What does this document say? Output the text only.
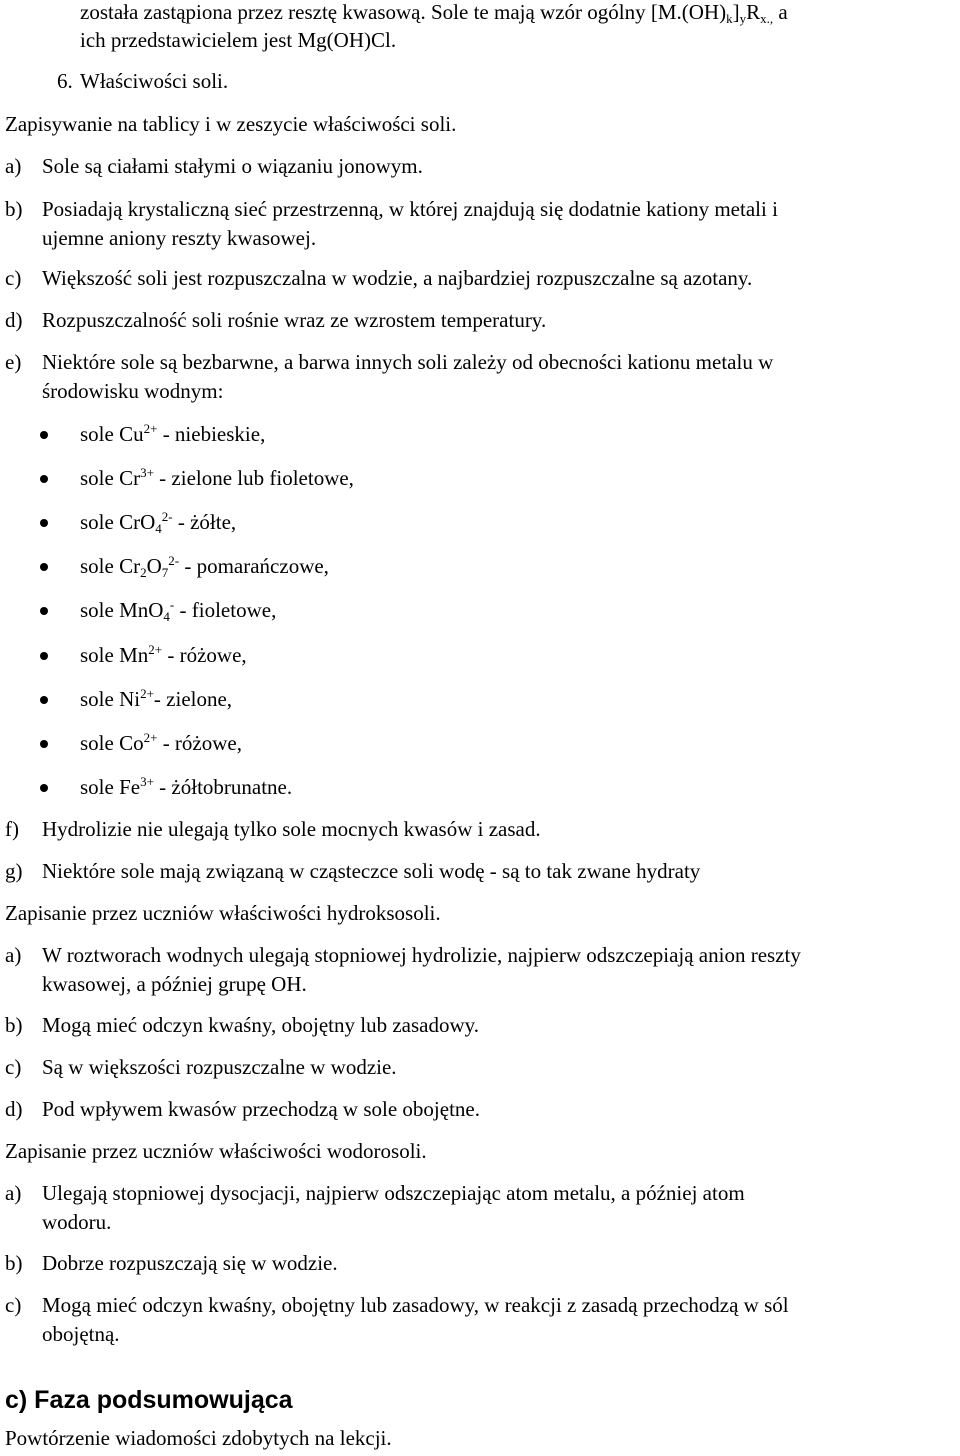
została zastąpiona przez resztę kwasową. Sole te mają wzór ogólny $[M.(OH)_k]_yR_{x.,}$ a
ich przedstawicielem jest Mg(OH)Cl.
6. Właściwości soli.
Zapisywanie na tablicy i w zeszycie właściwości soli.
a) Sole są ciałami stałymi o wiązaniu jonowym.
b) Posiadają krystaliczną sieć przestrzenną, w której znajdują się dodatnie kationy metali i
ujemne aniony reszty kwasowej.
c) Większość soli jest rozpuszczalna w wodzie, a najbardziej rozpuszczalne są azotany.
d) Rozpuszczalność soli rośnie wraz ze wzrostem temperatury.
e) Niektóre sole są bezbarwne, a barwa innych soli zależy od obecności kationu metalu w
środowisku wodnym:
sole $Cu^{2+}$ - niebieskie,
sole $Cr^{3+}$ - zielone lub fioletowe,
sole CrO$_4^{2-}$ - żółte,
sole $Cr_2O_7^{2-}$ - pomarańczowe,
sole MnO$_4$- - fioletowe,
sole $Mn^{2+}$ - różowe,
sole $Ni^{2+}-$ zielone,
sole $Co^{2+}$ - różowe,
sole $Fe^{3+}$ - żółtobrunatne.
f) Hydrolizie nie ulegają tylko sole mocnych kwasów i zasad.
g) Niektóre sole mają związaną w cząsteczce soli wodę - są to tak zwane hydraty
Zapisanie przez uczniów właściwości hydroksosoli.
a) W roztworach wodnych ulegają stopniowej hydrolizie, najpierw odszczepiają anion reszty
kwasowej, a później grupę OH.
b) Mogą mieć odczyn kwaśny, obojętny lub zasadowy.
c) Są w większości rozpuszczalne w wodzie.
d) Pod wpływem kwasów przechodzą w sole obojętne.
Zapisanie przez uczniów właściwości wodorosoli.
a) Ulegają stopniowej dysocjacji, najpierw odszczepiając atom metalu, a później atom
wodoru.
b) Dobrze rozpuszczają się w wodzie.
c) Mogą mieć odczyn kwaśny, obojętny lub zasadowy, w reakcji z zasadą przechodzą w sól
obojętną.
c) Faza podsumowująca
Powtórzenie wiadomości zdobytych na lekcji.
